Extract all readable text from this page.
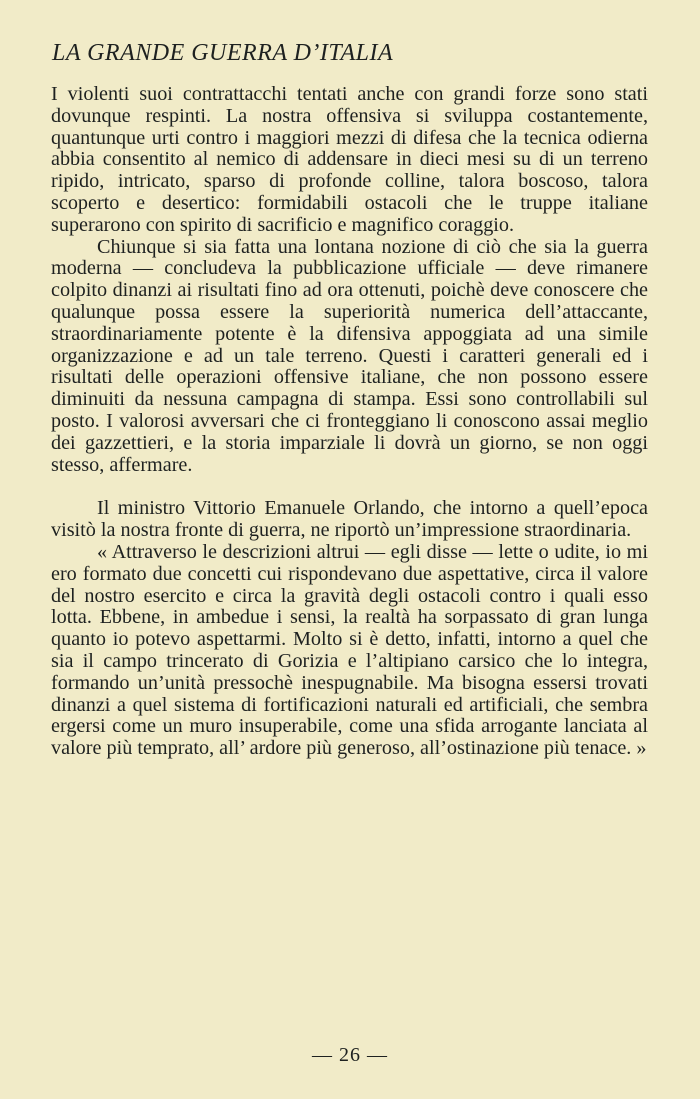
LA GRANDE GUERRA D’ITALIA

I violenti suoi contrattacchi tentati anche con grandi forze sono stati dovunque respinti. La nostra offensiva si sviluppa costantemente, quantunque urti contro i maggiori mezzi di difesa che la tecnica odierna abbia consentito al nemico di addensare in dieci mesi su di un terreno ripido, intricato, sparso di profonde colline, talora boscoso, talora scoperto e desertico: formidabili ostacoli che le truppe italiane superarono con spirito di sacrificio e magnifico coraggio.

Chiunque si sia fatta una lontana nozione di ciò che sia la guerra moderna — concludeva la pubblicazione ufficiale — deve rimanere colpito dinanzi ai risultati fino ad ora ottenuti, poichè deve conoscere che qualunque possa essere la superiorità numerica dell’attaccante, straordinariamente potente è la difensiva appoggiata ad una simile organizzazione e ad un tale terreno. Questi i caratteri generali ed i risultati delle operazioni offensive italiane, che non possono essere diminuiti da nessuna campagna di stampa. Essi sono controllabili sul posto. I valorosi avversari che ci fronteggiano li conoscono assai meglio dei gazzettieri, e la storia imparziale li dovrà un giorno, se non oggi stesso, affermare.

Il ministro Vittorio Emanuele Orlando, che intorno a quell’epoca visitò la nostra fronte di guerra, ne riportò un’impressione straordinaria.

« Attraverso le descrizioni altrui — egli disse — lette o udite, io mi ero formato due concetti cui rispondevano due aspettative, circa il valore del nostro esercito e circa la gravità degli ostacoli contro i quali esso lotta. Ebbene, in ambedue i sensi, la realtà ha sorpassato di gran lunga quanto io potevo aspettarmi. Molto si è detto, infatti, intorno a quel che sia il campo trincerato di Gorizia e l’altipiano carsico che lo integra, formando un’unità pressochè inespugnabile. Ma bisogna essersi trovati dinanzi a quel sistema di fortificazioni naturali ed artificiali, che sembra ergersi come un muro insuperabile, come una sfida arrogante lanciata al valore più temprato, all’ ardore più generoso, all’ostinazione più tenace. »

— 26 —
